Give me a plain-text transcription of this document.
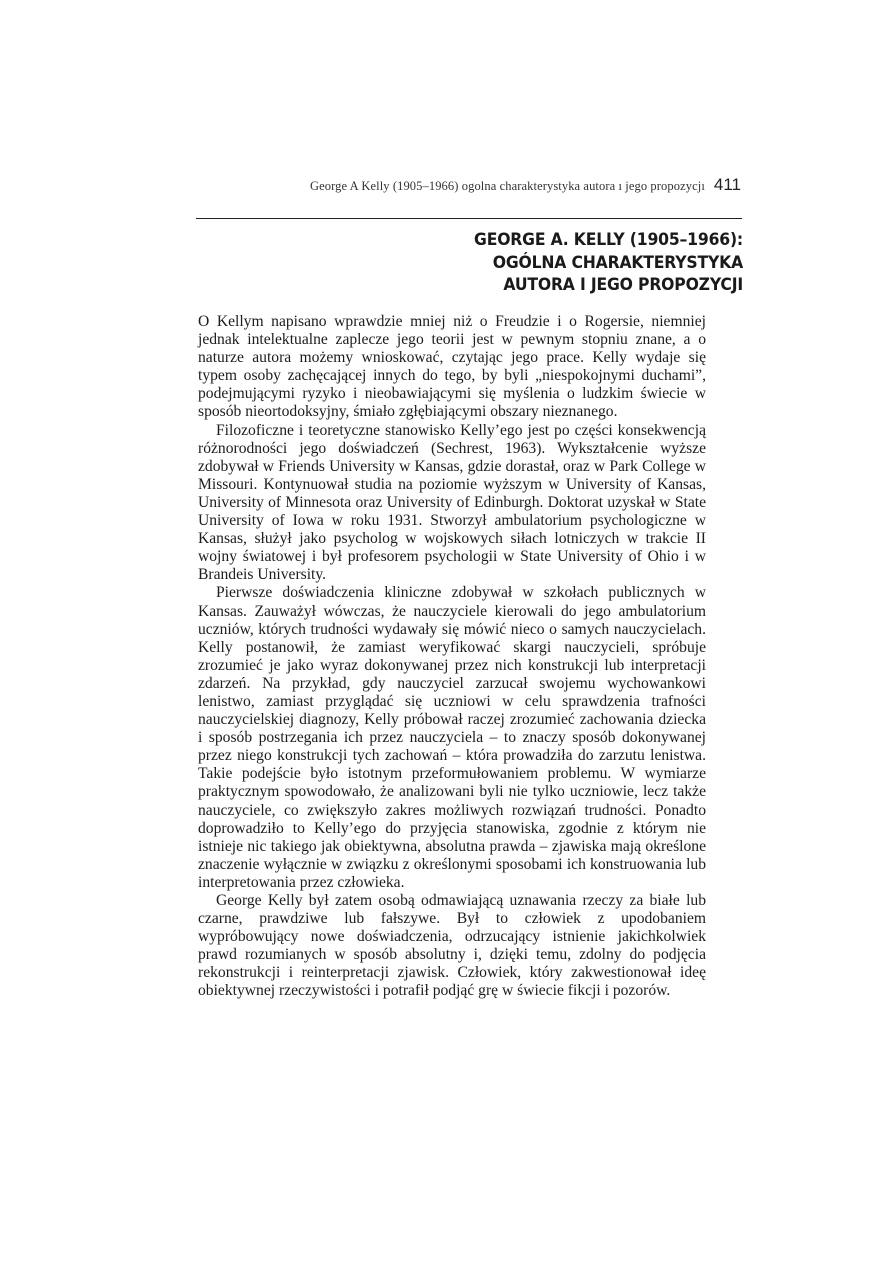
George A Kelly (1905–1966) ogolna charakterystyka autora ı jego propozycjı 411
GEORGE A. KELLY (1905–1966):
OGÓLNA CHARAKTERYSTYKA
AUTORA I JEGO PROPOZYCJI

O Kellym napisano wprawdzie mniej niż o Freudzie i o Rogersie, niemniej jednak intelektualne zaplecze jego teorii jest w pewnym stopniu znane, a o naturze autora możemy wnioskować, czytając jego prace. Kelly wydaje się typem osoby zachęcającej innych do tego, by byli „niespokojnymi duchami”, podejmującymi ryzyko i nieobawiającymi się myślenia o ludzkim świecie w sposób nieortodoksyjny, śmiało zgłębiającymi obszary nieznanego.

Filozoficzne i teoretyczne stanowisko Kelly’ego jest po części konsekwencją różnorodności jego doświadczeń (Sechrest, 1963). Wykształcenie wyższe zdobywał w Friends University w Kansas, gdzie dorastał, oraz w Park College w Missouri. Kontynuował studia na poziomie wyższym w University of Kansas, University of Minnesota oraz University of Edinburgh. Doktorat uzyskał w State University of Iowa w roku 1931. Stworzył ambulatorium psychologiczne w Kansas, służył jako psycholog w wojskowych siłach lotniczych w trakcie II wojny światowej i był profesorem psychologii w State University of Ohio i w Brandeis University.

Pierwsze doświadczenia kliniczne zdobywał w szkołach publicznych w Kansas. Zauważył wówczas, że nauczyciele kierowali do jego ambulatorium uczniów, których trudności wydawały się mówić nieco o samych nauczycielach. Kelly postanowił, że zamiast weryfikować skargi nauczycieli, spróbuje zrozumieć je jako wyraz dokonywanej przez nich konstrukcji lub interpretacji zdarzeń. Na przykład, gdy nauczyciel zarzucał swojemu wychowankowi lenistwo, zamiast przyglądać się uczniowi w celu sprawdzenia trafności nauczycielskiej diagnozy, Kelly próbował raczej zrozumieć zachowania dziecka i sposób postrzegania ich przez nauczyciela – to znaczy sposób dokonywanej przez niego konstrukcji tych zachowań – która prowadziła do zarzutu lenistwa. Takie podejście było istotnym przeformułowaniem problemu. W wymiarze praktycznym spowodowało, że analizowani byli nie tylko uczniowie, lecz także nauczyciele, co zwiększyło zakres możliwych rozwiązań trudności. Ponadto doprowadziło to Kelly’ego do przyjęcia stanowiska, zgodnie z którym nie istnieje nic takiego jak obiektywna, absolutna prawda – zjawiska mają określone znaczenie wyłącznie w związku z określonymi sposobami ich konstruowania lub interpretowania przez człowieka.

George Kelly był zatem osobą odmawiającą uznawania rzeczy za białe lub czarne, prawdziwe lub fałszywe. Był to człowiek z upodobaniem wypróbowujący nowe doświadczenia, odrzucający istnienie jakichkolwiek prawd rozumianych w sposób absolutny i, dzięki temu, zdolny do podjęcia rekonstrukcji i reinterpretacji zjawisk. Człowiek, który zakwestionował ideę obiektywnej rzeczywistości i potrafił podjąć grę w świecie fikcji i pozorów.
